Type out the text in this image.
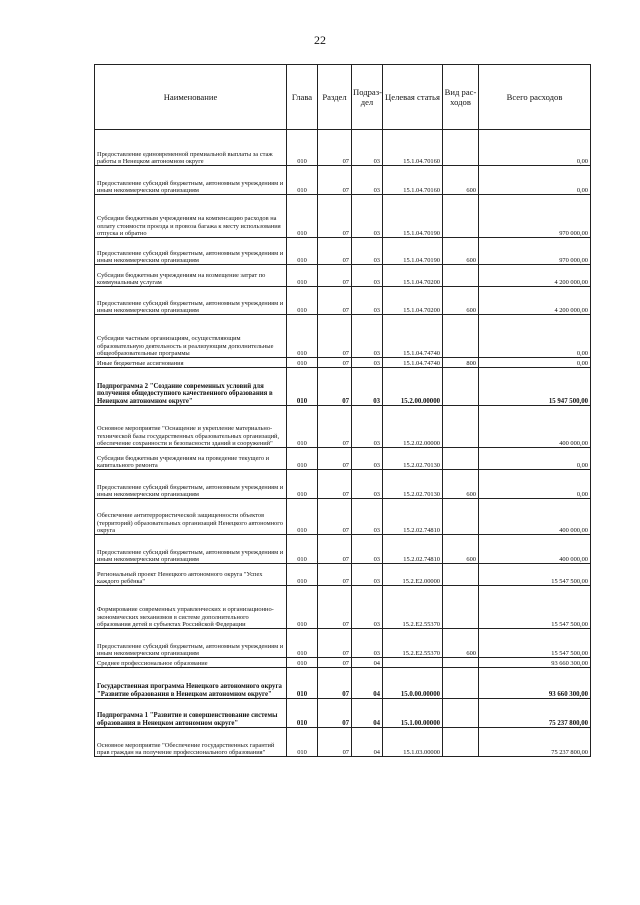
22
Наименование	Глава	Раздел	Подраз-дел	Целевая статья	Вид рас-ходов	Всего расходов
Предоставление единовременной премиальной выплаты за стаж работы в Ненецком автономном округе	010	07	03	15.1.04.70160		0,00
Предоставление субсидий бюджетным, автономным учреждениям и иным некоммерческим организациям	010	07	03	15.1.04.70160	600	0,00
Субсидии бюджетным учреждениям на компенсацию расходов на оплату стоимости проезда и провоза багажа к месту использования отпуска и обратно	010	07	03	15.1.04.70190		970 000,00
Предоставление субсидий бюджетным, автономным учреждениям и иным некоммерческим организациям	010	07	03	15.1.04.70190	600	970 000,00
Субсидии бюджетным учреждениям на возмещение затрат по коммунальным услугам	010	07	03	15.1.04.70200		4 200 000,00
Предоставление субсидий бюджетным, автономным учреждениям и иным некоммерческим организациям	010	07	03	15.1.04.70200	600	4 200 000,00
Субсидии частным организациям, осуществляющим образовательную деятельность и реализующим дополнительные общеобразовательные программы	010	07	03	15.1.04.74740		0,00
Иные бюджетные ассигнования	010	07	03	15.1.04.74740	800	0,00
Подпрограмма 2 "Создание современных условий для получения общедоступного качественного образования в Ненецком автономном округе"	010	07	03	15.2.00.00000		15 947 500,00
Основное мероприятие "Оснащение и укрепление материально-технической базы государственных образовательных организаций, обеспечение сохранности и безопасности зданий и сооружений"	010	07	03	15.2.02.00000		400 000,00
Субсидии бюджетным учреждениям на проведение текущего и капитального ремонта	010	07	03	15.2.02.70130		0,00
Предоставление субсидий бюджетным, автономным учреждениям и иным некоммерческим организациям	010	07	03	15.2.02.70130	600	0,00
Обеспечение антитеррористической защищенности объектов (территорий) образовательных организаций Ненецкого автономного округа	010	07	03	15.2.02.74810		400 000,00
Предоставление субсидий бюджетным, автономным учреждениям и иным некоммерческим организациям	010	07	03	15.2.02.74810	600	400 000,00
Региональный проект Ненецкого автономного округа "Успех каждого ребёнка"	010	07	03	15.2.E2.00000		15 547 500,00
Формирование современных управленческих и организационно-экономических механизмов в системе дополнительного образования детей в субъектах Российской Федерации	010	07	03	15.2.E2.55370		15 547 500,00
Предоставление субсидий бюджетным, автономным учреждениям и иным некоммерческим организациям	010	07	03	15.2.E2.55370	600	15 547 500,00
Среднее профессиональное образование	010	07	04			93 660 300,00
Государственная программа Ненецкого автономного округа "Развитие образования в Ненецком автономном округе"	010	07	04	15.0.00.00000		93 660 300,00
Подпрограмма 1 "Развитие и совершенствование системы образования в Ненецком автономном округе"	010	07	04	15.1.00.00000		75 237 800,00
Основное мероприятие "Обеспечение государственных гарантий прав граждан на получение профессионального образования"	010	07	04	15.1.03.00000		75 237 800,00
